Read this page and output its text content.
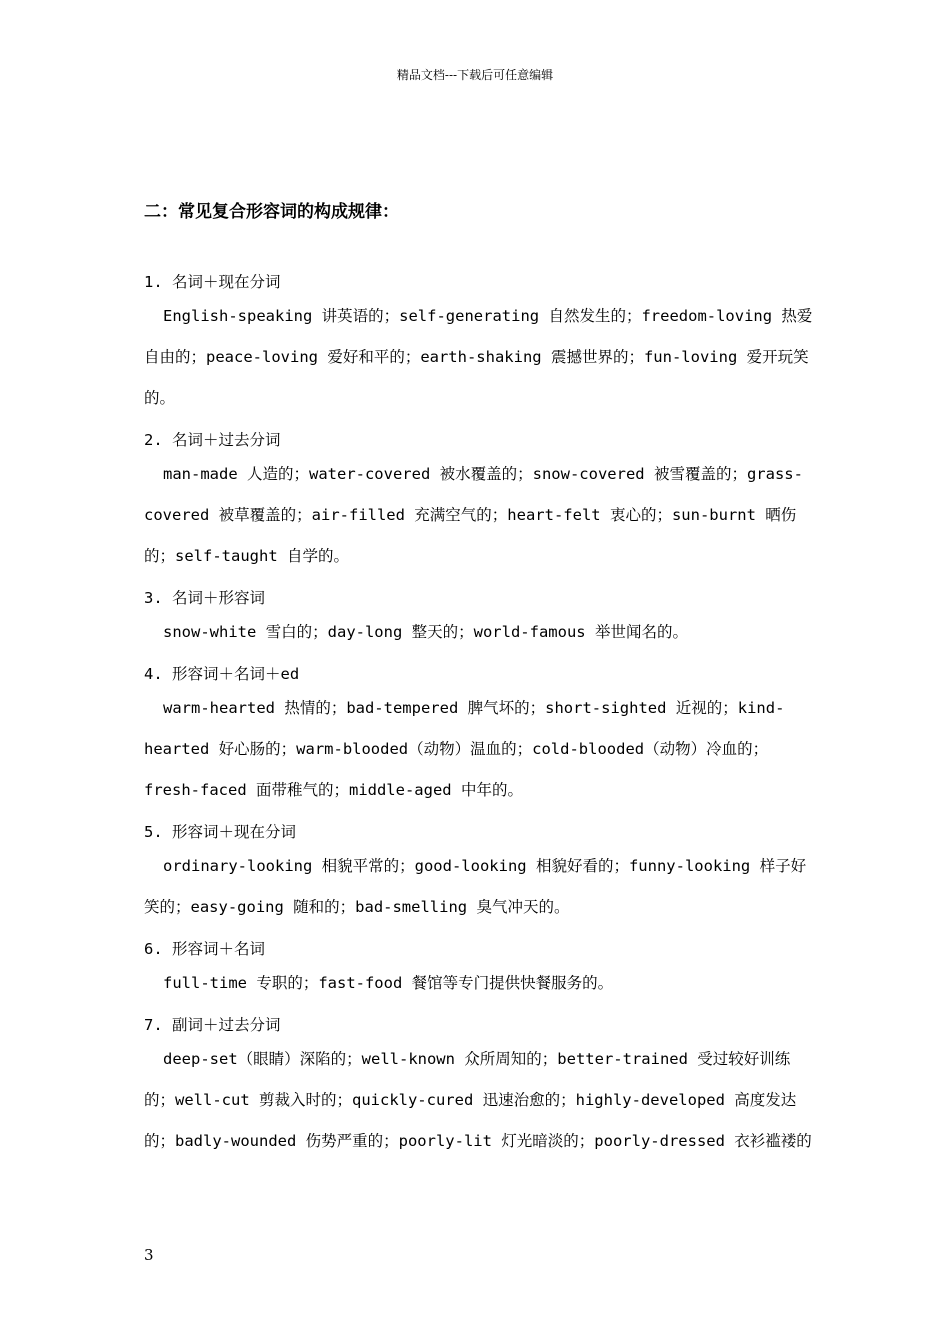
精品文档---下载后可任意编辑
二：常见复合形容词的构成规律：
1. 名词＋现在分词
English-speaking 讲英语的；self-generating 自然发生的；freedom-loving 热爱自由的；peace-loving 爱好和平的；earth-shaking 震撼世界的；fun-loving 爱开玩笑的。
2. 名词＋过去分词
man-made 人造的；water-covered 被水覆盖的；snow-covered 被雪覆盖的；grass-covered 被草覆盖的；air-filled 充满空气的；heart-felt 衷心的；sun-burnt 晒伤的；self-taught 自学的。
3. 名词＋形容词
snow-white 雪白的；day-long 整天的；world-famous 举世闻名的。
4. 形容词＋名词＋ed
warm-hearted 热情的；bad-tempered 脾气坏的；short-sighted 近视的；kind-hearted 好心肠的；warm-blooded（动物）温血的；cold-blooded（动物）冷血的；fresh-faced 面带稚气的；middle-aged 中年的。
5. 形容词＋现在分词
ordinary-looking 相貌平常的；good-looking 相貌好看的；funny-looking 样子好笑的；easy-going 随和的；bad-smelling 臭气冲天的。
6. 形容词＋名词
full-time 专职的；fast-food 餐馆等专门提供快餐服务的。
7. 副词＋过去分词
deep-set（眼睛）深陷的；well-known 众所周知的；better-trained 受过较好训练的；well-cut 剪裁入时的；quickly-cured 迅速治愈的；highly-developed 高度发达的；badly-wounded 伤势严重的；poorly-lit 灯光暗淡的；poorly-dressed 衣衫褴褛的
3
